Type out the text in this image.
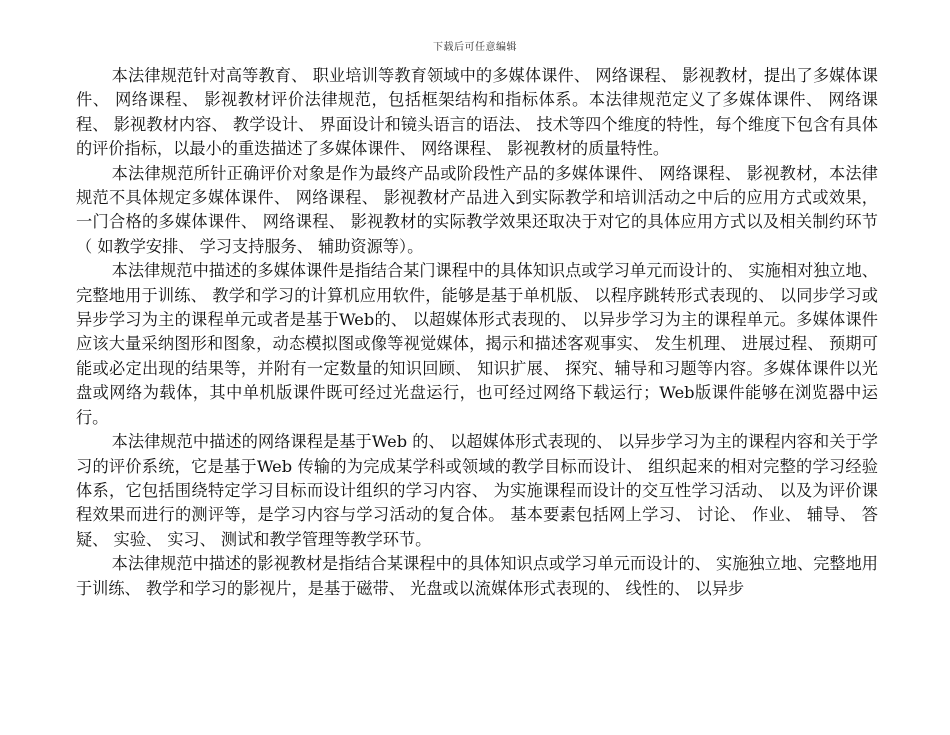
下载后可任意编辑

本法律规范针对高等教育、 职业培训等教育领域中的多媒体课件、 网络课程、 影视教材，提出了多媒体课件、 网络课程、 影视教材评价法律规范，包括框架结构和指标体系。本法律规范定义了多媒体课件、 网络课程、 影视教材内容、 教学设计、 界面设计和镜头语言的语法、 技术等四个维度的特性，每个维度下包含有具体的评价指标，以最小的重迭描述了多媒体课件、 网络课程、 影视教材的质量特性。

本法律规范所针正确评价对象是作为最终产品或阶段性产品的多媒体课件、 网络课程、 影视教材，本法律规范不具体规定多媒体课件、 网络课程、 影视教材产品进入到实际教学和培训活动之中后的应用方式或效果，一门合格的多媒体课件、 网络课程、 影视教材的实际教学效果还取决于对它的具体应用方式以及相关制约环节（ 如教学安排、 学习支持服务、 辅助资源等）。

本法律规范中描述的多媒体课件是指结合某门课程中的具体知识点或学习单元而设计的、 实施相对独立地、 完整地用于训练、 教学和学习的计算机应用软件，能够是基于单机版、 以程序跳转形式表现的、 以同步学习或异步学习为主的课程单元或者是基于Web的、 以超媒体形式表现的、 以异步学习为主的课程单元。多媒体课件应该大量采纳图形和图象，动态模拟图或像等视觉媒体，揭示和描述客观事实、 发生机理、 进展过程、 预期可能或必定出现的结果等，并附有一定数量的知识回顾、 知识扩展、 探究、辅导和习题等内容。多媒体课件以光盘或网络为载体，其中单机版课件既可经过光盘运行，也可经过网络下载运行；Web版课件能够在浏览器中运行。

本法律规范中描述的网络课程是基于Web 的、 以超媒体形式表现的、 以异步学习为主的课程内容和关于学习的评价系统，它是基于Web 传输的为完成某学科或领域的教学目标而设计、 组织起来的相对完整的学习经验体系，它包括围绕特定学习目标而设计组织的学习内容、 为实施课程而设计的交互性学习活动、 以及为评价课程效果而进行的测评等，是学习内容与学习活动的复合体。 基本要素包括网上学习、 讨论、 作业、 辅导、 答疑、 实验、 实习、 测试和教学管理等教学环节。

本法律规范中描述的影视教材是指结合某课程中的具体知识点或学习单元而设计的、 实施独立地、完整地用于训练、 教学和学习的影视片，是基于磁带、 光盘或以流媒体形式表现的、 线性的、 以异步
